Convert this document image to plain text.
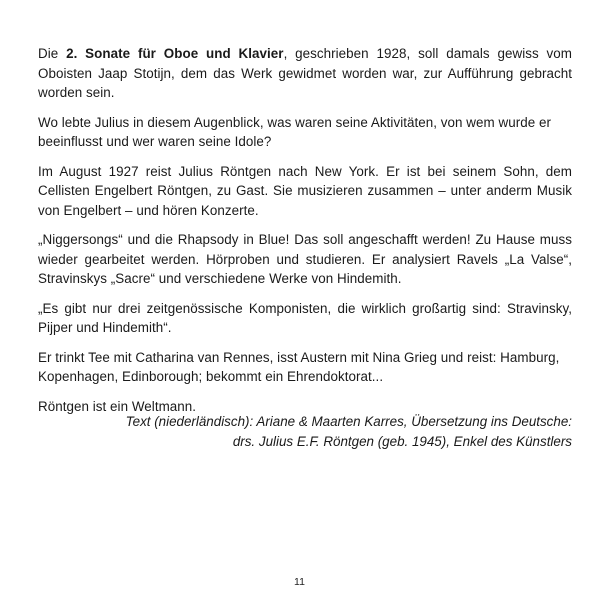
Die 2. Sonate für Oboe und Klavier, geschrieben 1928, soll damals gewiss vom Oboisten Jaap Stotijn, dem das Werk gewidmet worden war, zur Aufführung gebracht worden sein.

Wo lebte Julius in diesem Augenblick, was waren seine Aktivitäten, von wem wurde er beeinflusst und wer waren seine Idole?

Im August 1927 reist Julius Röntgen nach New York. Er ist bei seinem Sohn, dem Cellisten Engelbert Röntgen, zu Gast. Sie musizieren zusammen – unter anderm Musik von Engelbert – und hören Konzerte.

„Niggersongs“ und die Rhapsody in Blue! Das soll angeschafft werden! Zu Hause muss wieder gearbeitet werden. Hörproben und studieren. Er analysiert Ravels „La Valse“, Stravinskys „Sacre“ und verschiedene Werke von Hindemith.

„Es gibt nur drei zeitgenössische Komponisten, die wirklich großartig sind: Stravinsky, Pijper und Hindemith“.

Er trinkt Tee mit Catharina van Rennes, isst Austern mit Nina Grieg und reist: Hamburg, Kopenhagen, Edinborough; bekommt ein Ehrendoktorat...

Röntgen ist ein Weltmann.

Text (niederländisch): Ariane & Maarten Karres, Übersetzung ins Deutsche:
drs. Julius E.F. Röntgen (geb. 1945), Enkel des Künstlers
11
